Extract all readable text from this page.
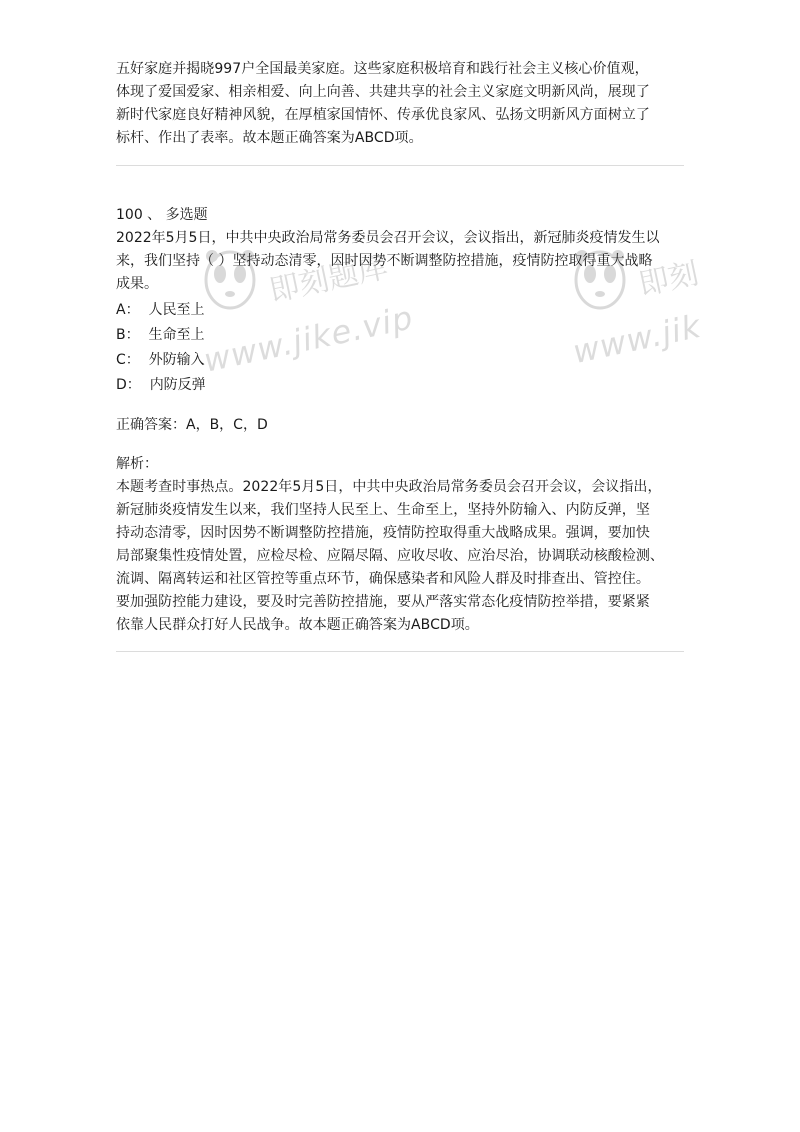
五好家庭并揭晓997户全国最美家庭。这些家庭积极培育和践行社会主义核心价值观，

体现了爱国爱家、相亲相爱、向上向善、共建共享的社会主义家庭文明新风尚，展现了

新时代家庭良好精神风貌，在厚植家国情怀、传承优良家风、弘扬文明新风方面树立了

标杆、作出了表率。故本题正确答案为ABCD项。

100 、 多选题

2022年5月5日，中共中央政治局常务委员会召开会议，会议指出，新冠肺炎疫情发生以

来，我们坚持（ ）坚持动态清零，因时因势不断调整防控措施，疫情防控取得重大战略

成果。

A： 人民至上
B： 生命至上
C： 外防输入
D： 内防反弹
正确答案：A，B，C，D
解析：

本题考查时事热点。2022年5月5日，中共中央政治局常务委员会召开会议，会议指出，

新冠肺炎疫情发生以来，我们坚持人民至上、生命至上，坚持外防输入、内防反弹，坚

持动态清零，因时因势不断调整防控措施，疫情防控取得重大战略成果。强调，要加快

局部聚集性疫情处置，应检尽检、应隔尽隔、应收尽收、应治尽治，协调联动核酸检测、

流调、隔离转运和社区管控等重点环节，确保感染者和风险人群及时排查出、管控住。

要加强防控能力建设，要及时完善防控措施，要从严落实常态化疫情防控举措，要紧紧

依靠人民群众打好人民战争。故本题正确答案为ABCD项。

即刻题库
www.jike.vip
即刻
www.jik
